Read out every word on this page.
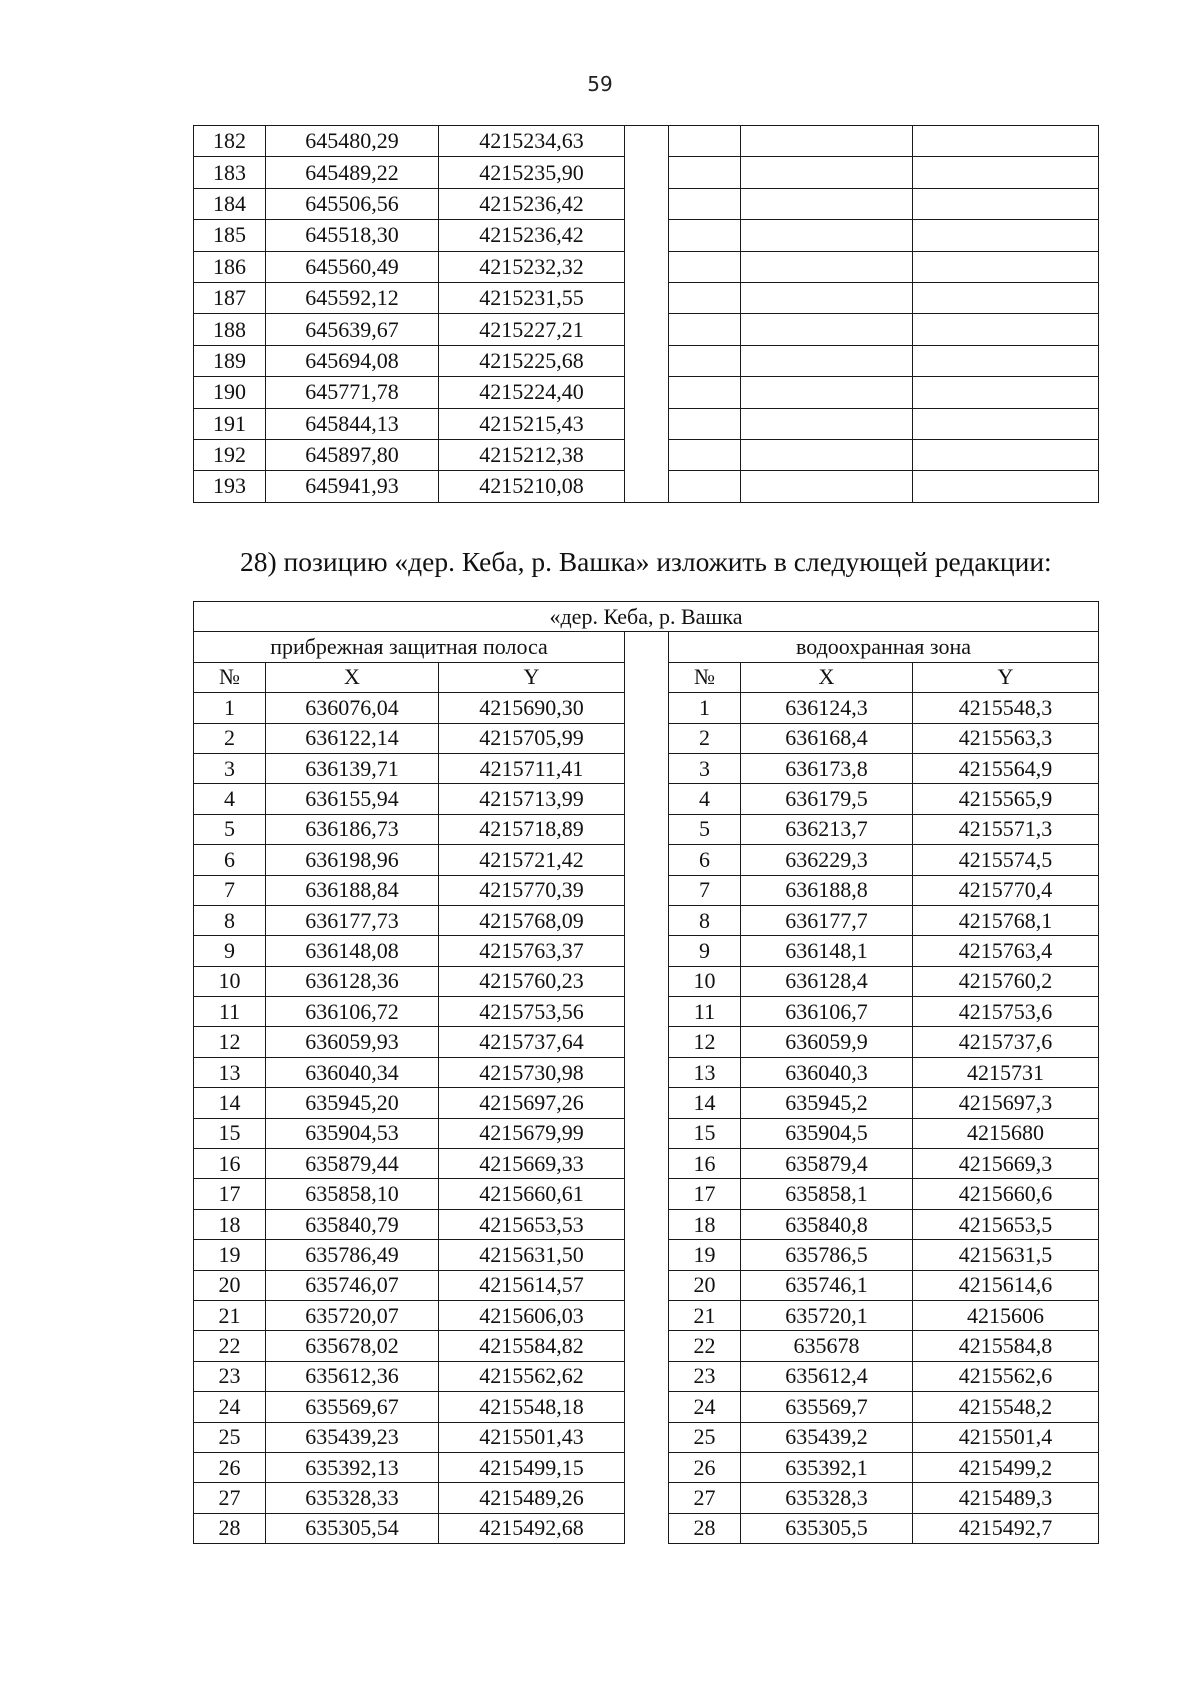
59
182	645480,29	4215234,63				
183	645489,22	4215235,90				
184	645506,56	4215236,42				
185	645518,30	4215236,42				
186	645560,49	4215232,32				
187	645592,12	4215231,55				
188	645639,67	4215227,21				
189	645694,08	4215225,68				
190	645771,78	4215224,40				
191	645844,13	4215215,43				
192	645897,80	4215212,38				
193	645941,93	4215210,08				
28) позицию «дер. Кеба, р. Вашка» изложить в следующей редакции:
«дер. Кеба, р. Вашка						
прибрежная защитная полоса				водоохранная зона		
№	X	Y		№	X	Y
1	636076,04	4215690,30		1	636124,3	4215548,3
2	636122,14	4215705,99		2	636168,4	4215563,3
3	636139,71	4215711,41		3	636173,8	4215564,9
4	636155,94	4215713,99		4	636179,5	4215565,9
5	636186,73	4215718,89		5	636213,7	4215571,3
6	636198,96	4215721,42		6	636229,3	4215574,5
7	636188,84	4215770,39		7	636188,8	4215770,4
8	636177,73	4215768,09		8	636177,7	4215768,1
9	636148,08	4215763,37		9	636148,1	4215763,4
10	636128,36	4215760,23		10	636128,4	4215760,2
11	636106,72	4215753,56		11	636106,7	4215753,6
12	636059,93	4215737,64		12	636059,9	4215737,6
13	636040,34	4215730,98		13	636040,3	4215731
14	635945,20	4215697,26		14	635945,2	4215697,3
15	635904,53	4215679,99		15	635904,5	4215680
16	635879,44	4215669,33		16	635879,4	4215669,3
17	635858,10	4215660,61		17	635858,1	4215660,6
18	635840,79	4215653,53		18	635840,8	4215653,5
19	635786,49	4215631,50		19	635786,5	4215631,5
20	635746,07	4215614,57		20	635746,1	4215614,6
21	635720,07	4215606,03		21	635720,1	4215606
22	635678,02	4215584,82		22	635678	4215584,8
23	635612,36	4215562,62		23	635612,4	4215562,6
24	635569,67	4215548,18		24	635569,7	4215548,2
25	635439,23	4215501,43		25	635439,2	4215501,4
26	635392,13	4215499,15		26	635392,1	4215499,2
27	635328,33	4215489,26		27	635328,3	4215489,3
28	635305,54	4215492,68		28	635305,5	4215492,7
